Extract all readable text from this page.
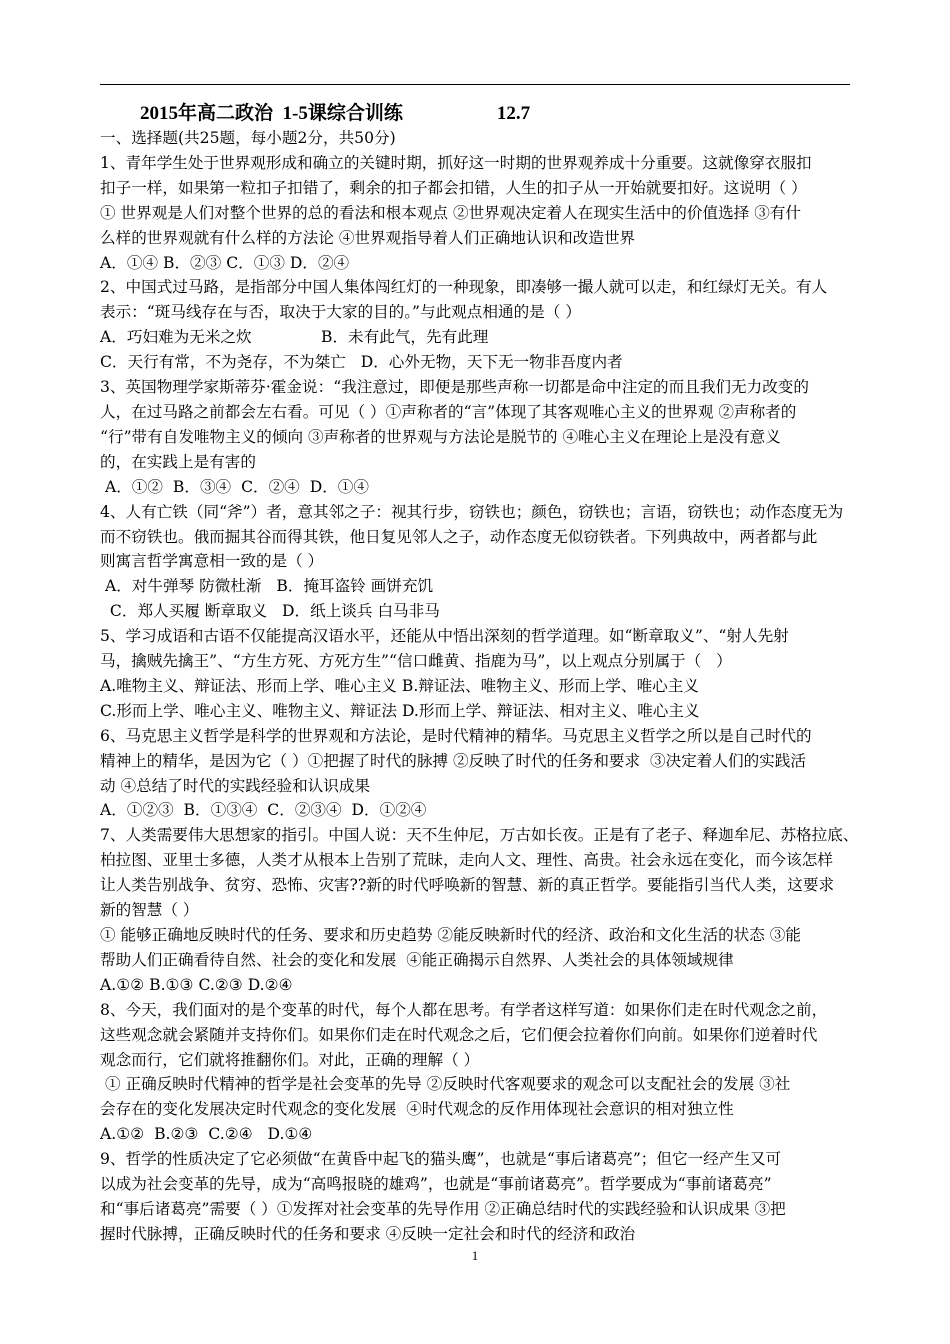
2015年高二政治  1-5课综合训练	12.7
一、选择题(共25题，每小题2分，共50分)
1、青年学生处于世界观形成和确立的关键时期，抓好这一时期的世界观养成十分重要。这就像穿衣服扣
扣子一样，如果第一粒扣子扣错了，剩余的扣子都会扣错，人生的扣子从一开始就要扣好。这说明（ ）
① 世界观是人们对整个世界的总的看法和根本观点 ②世界观决定着人在现实生活中的价值选择 ③有什
么样的世界观就有什么样的方法论 ④世界观指导着人们正确地认识和改造世界
A．①④ B．②③ C．①③ D．②④
2、中国式过马路，是指部分中国人集体闯红灯的一种现象，即凑够一撮人就可以走，和红绿灯无关。有人
表示：“斑马线存在与否，取决于大家的目的。”与此观点相通的是（ ）
A．巧妇难为无米之炊              B．未有此气，先有此理
C．天行有常，不为尧存，不为桀亡   D．心外无物，天下无一物非吾度内者
3、英国物理学家斯蒂芬·霍金说：“我注意过，即便是那些声称一切都是命中注定的而且我们无力改变的
人，在过马路之前都会左右看。可见（ ）①声称者的“言”体现了其客观唯心主义的世界观 ②声称者的
“行”带有自发唯物主义的倾向 ③声称者的世界观与方法论是脱节的 ④唯心主义在理论上是没有意义
的，在实践上是有害的
A．①②  B．③④  C．②④  D．①④
4、人有亡铁（同“斧”）者，意其邻之子：视其行步，窃铁也；颜色，窃铁也；言语，窃铁也；动作态度无为
而不窃铁也。俄而掘其谷而得其铁，他日复见邻人之子，动作态度无似窃铁者。下列典故中，两者都与此
则寓言哲学寓意相一致的是（ ）
A．对牛弹琴 防微杜渐   B．掩耳盗铃 画饼充饥
C．郑人买履 断章取义   D．纸上谈兵 白马非马
5、学习成语和古语不仅能提高汉语水平，还能从中悟出深刻的哲学道理。如“断章取义”、“射人先射
马，擒贼先擒王”、“方生方死、方死方生”“信口雌黄、指鹿为马”，以上观点分别属于（   ）
A.唯物主义、辩证法、形而上学、唯心主义 B.辩证法、唯物主义、形而上学、唯心主义
C.形而上学、唯心主义、唯物主义、辩证法 D.形而上学、辩证法、相对主义、唯心主义
6、马克思主义哲学是科学的世界观和方法论，是时代精神的精华。马克思主义哲学之所以是自己时代的
精神上的精华，是因为它（ ）①把握了时代的脉搏 ②反映了时代的任务和要求  ③决定着人们的实践活
动 ④总结了时代的实践经验和认识成果
A．①②③  B．①③④  C．②③④  D．①②④
7、人类需要伟大思想家的指引。中国人说：天不生仲尼，万古如长夜。正是有了老子、释迦牟尼、苏格拉底、
柏拉图、亚里士多德，人类才从根本上告别了荒昧，走向人文、理性、高贵。社会永远在变化，而今该怎样
让人类告别战争、贫穷、恐怖、灾害??新的时代呼唤新的智慧、新的真正哲学。要能指引当代人类，这要求
新的智慧（ ）
① 能够正确地反映时代的任务、要求和历史趋势 ②能反映新时代的经济、政治和文化生活的状态 ③能
帮助人们正确看待自然、社会的变化和发展  ④能正确揭示自然界、人类社会的具体领域规律
A.①② B.①③ C.②③ D.②④
8、今天，我们面对的是个变革的时代，每个人都在思考。有学者这样写道：如果你们走在时代观念之前，
这些观念就会紧随并支持你们。如果你们走在时代观念之后，它们便会拉着你们向前。如果你们逆着时代
观念而行，它们就将推翻你们。对此，正确的理解（ ）
① 正确反映时代精神的哲学是社会变革的先导 ②反映时代客观要求的观念可以支配社会的发展 ③社
会存在的变化发展决定时代观念的变化发展  ④时代观念的反作用体现社会意识的相对独立性
A.①②  B.②③  C.②④   D.①④
9、哲学的性质决定了它必须做“在黄昏中起飞的猫头鹰”，也就是“事后诸葛亮”；但它一经产生又可
以成为社会变革的先导，成为“高鸣报晓的雄鸡”，也就是“事前诸葛亮”。哲学要成为“事前诸葛亮”
和“事后诸葛亮”需要（ ）①发挥对社会变革的先导作用 ②正确总结时代的实践经验和认识成果 ③把
握时代脉搏，正确反映时代的任务和要求 ④反映一定社会和时代的经济和政治
1
